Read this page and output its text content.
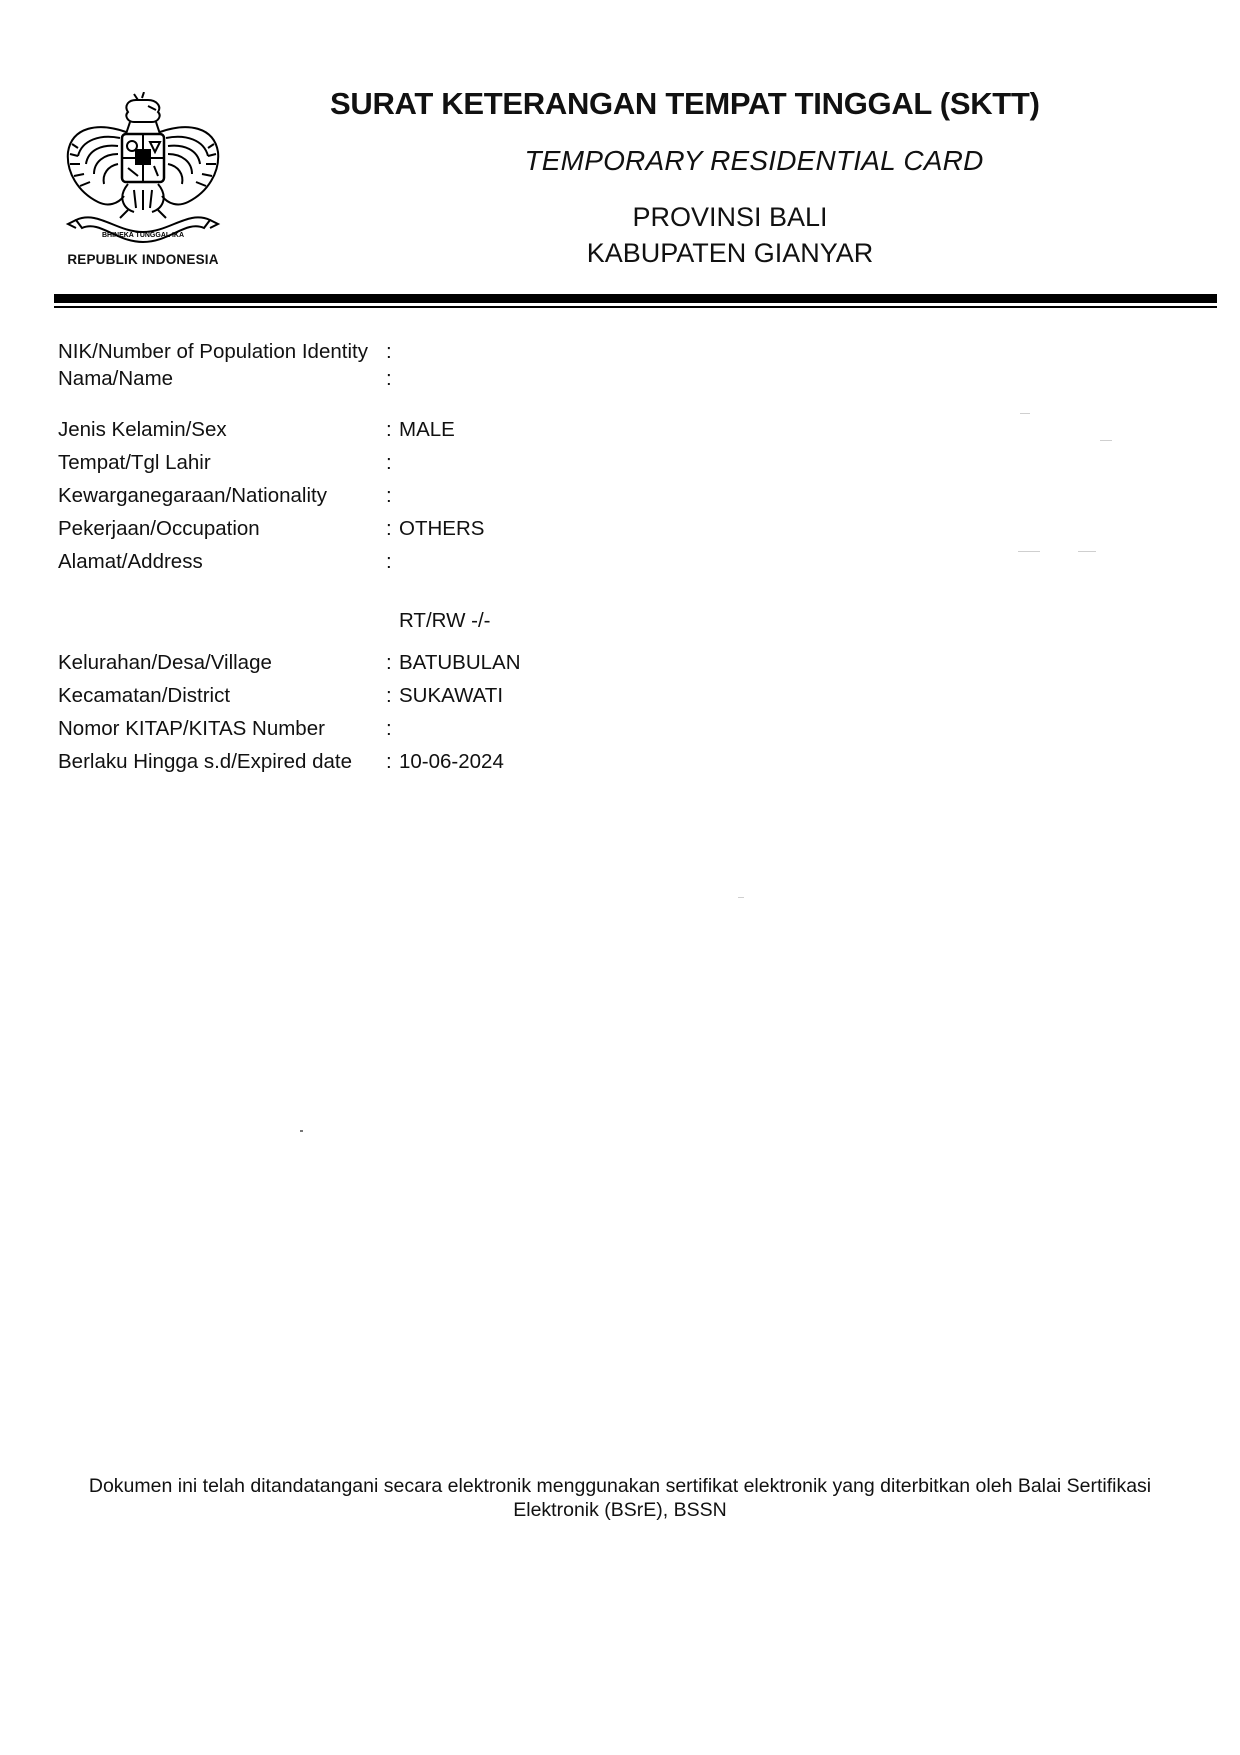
BHINEKA TUNGGAL IKA
REPUBLIK INDONESIA
SURAT KETERANGAN TEMPAT TINGGAL (SKTT)
TEMPORARY RESIDENTIAL CARD
PROVINSI BALI
KABUPATEN GIANYAR
NIK/Number of Population Identity :
Nama/Name	:
Jenis Kelamin/Sex	: MALE
Tempat/Tgl Lahir	:
Kewarganegaraan/Nationality	:
Pekerjaan/Occupation	: OTHERS
Alamat/Address	:
RT/RW -/-
Kelurahan/Desa/Village	: BATUBULAN
Kecamatan/District	: SUKAWATI
Nomor KITAP/KITAS Number	:
Berlaku Hingga s.d/Expired date : 10-06-2024
Dokumen ini telah ditandatangani secara elektronik menggunakan sertifikat elektronik yang diterbitkan oleh Balai Sertifikasi
Elektronik (BSrE), BSSN
